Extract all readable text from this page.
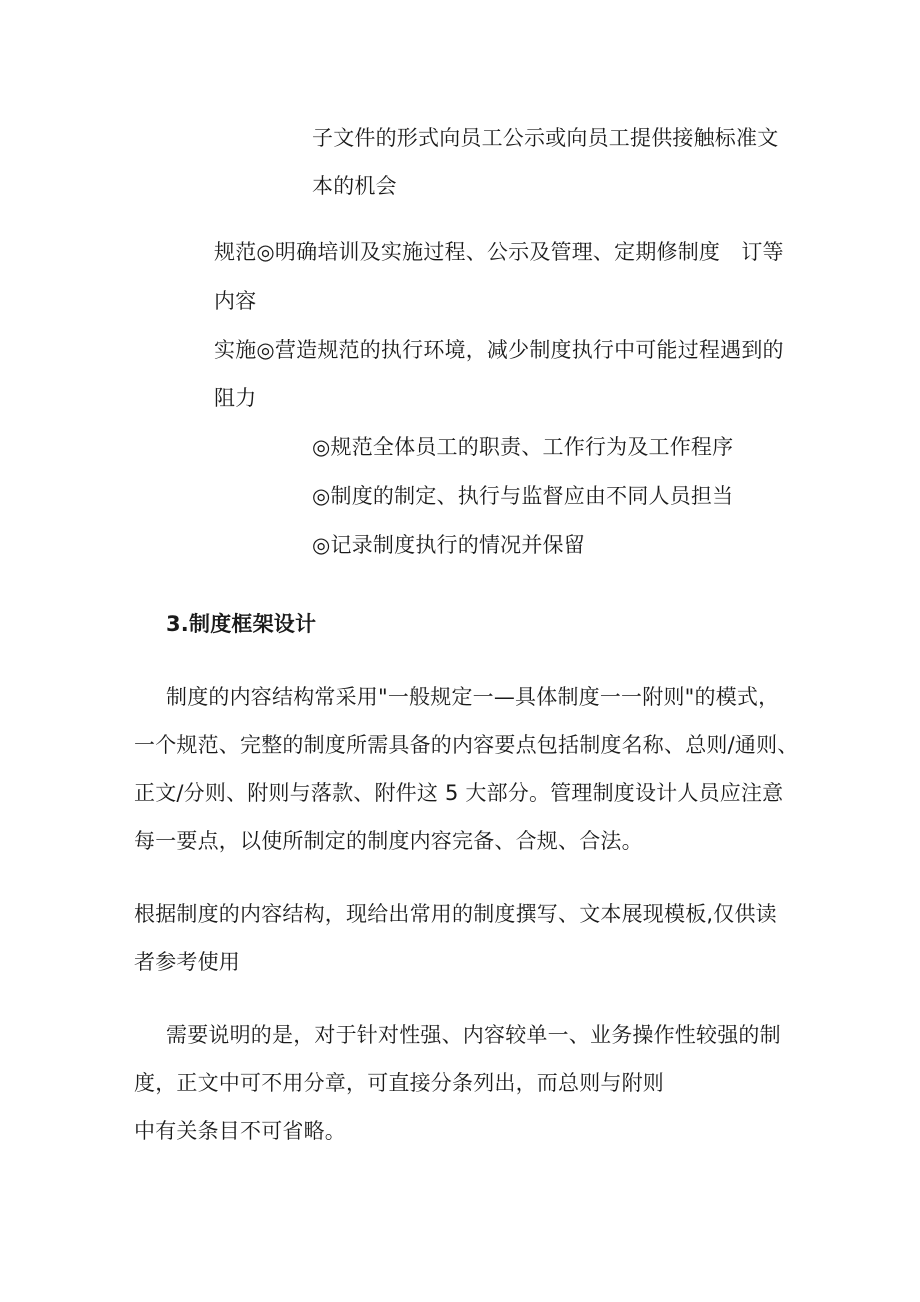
子文件的形式向员工公示或向员工提供接触标准文
本的机会
规范◎明确培训及实施过程、公示及管理、定期修制度　订等
内容
实施◎营造规范的执行环境，减少制度执行中可能过程遇到的
阻力
◎规范全体员工的职责、工作行为及工作程序
◎制度的制定、执行与监督应由不同人员担当
◎记录制度执行的情况并保留
3.制度框架设计
制度的内容结构常采用"一般规定一—具体制度一一附则"的模式，
一个规范、完整的制度所需具备的内容要点包括制度名称、总则/通则、
正文/分则、附则与落款、附件这 5 大部分。管理制度设计人员应注意
每一要点，以使所制定的制度内容完备、合规、合法。
根据制度的内容结构，现给出常用的制度撰写、文本展现模板,仅供读
者参考使用
需要说明的是，对于针对性强、内容较单一、业务操作性较强的制
度，正文中可不用分章，可直接分条列出，而总则与附则
中有关条目不可省略。
